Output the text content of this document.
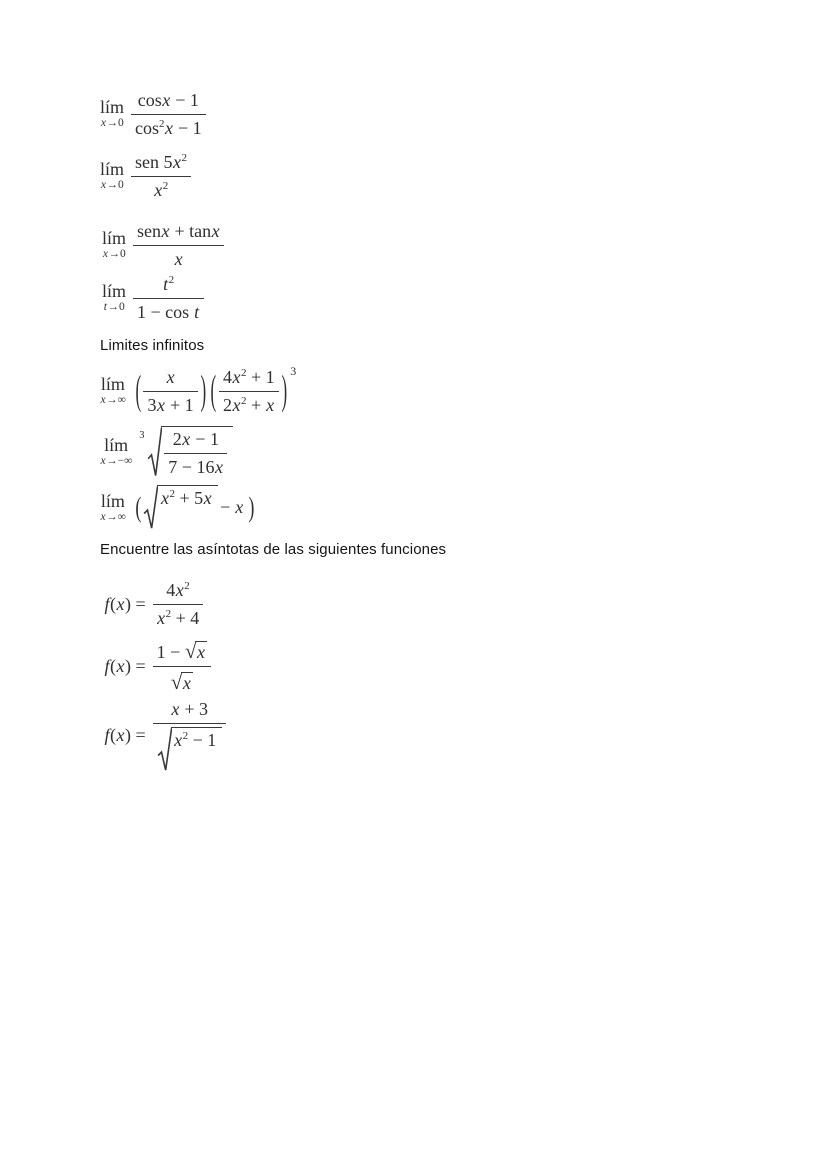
lím
$x\to 0 \frac{\cos x - 1}{\cos^2x - 1}$
lím
$x\to 0 \frac{sen 5x^2}{x^2}$
lím
$x\to 0 \frac{\text{senx + tanx}}{x}$
lím
$t\to 0 \frac{t^2}{\text{1 − cos t}}$
Limites infinitos
lím
x→∞ ( $\frac{x}{3x + 1}$ ) ( $\frac{4x^2 + 1}{2x^2 + x}$ ) 3
lím
x→−∞
$3 \frac{2x - 1}{7 - 16x}$
lím
x→∞ ( $x^2 + 5x - x$ )
Encuentre las asíntotas de las siguientes funciones
$f(x) = \frac{4x^2}{x^2 + 4}$
$f(x) = \frac{1 - √x}{√x}$
$f(x) = \frac{x + 3}{x^2 - 1}$
